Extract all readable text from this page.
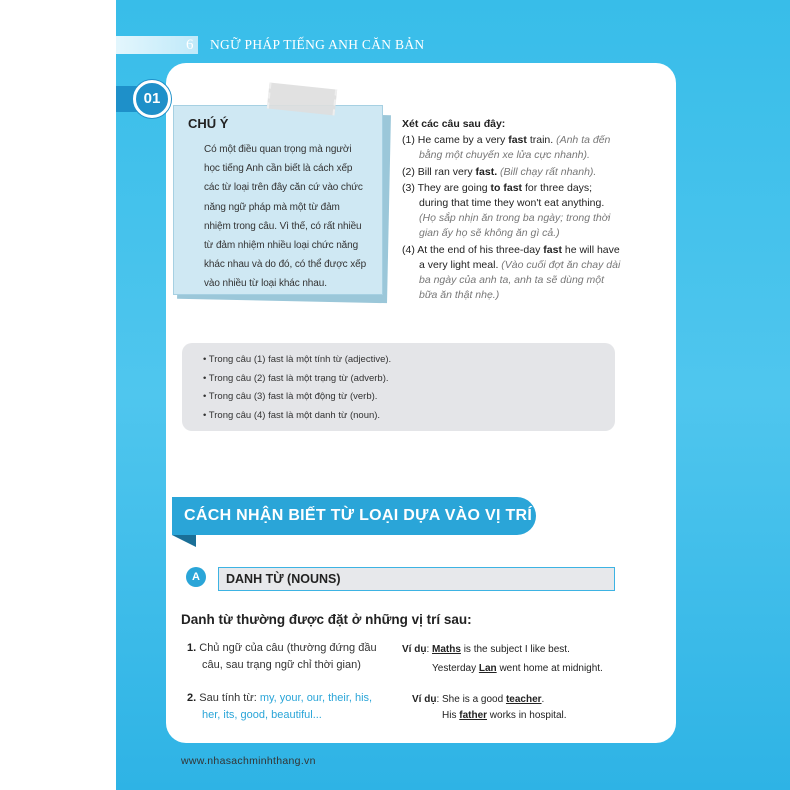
6 NGỮ PHÁP TIẾNG ANH CĂN BẢN
01
CHÚ Ý
Có một điều quan trọng mà người học tiếng Anh cần biết là cách xếp các từ loại trên đây căn cứ vào chức năng ngữ pháp mà một từ đảm nhiệm trong câu. Vì thế, có rất nhiều từ đảm nhiệm nhiều loại chức năng khác nhau và do đó, có thể được xếp vào nhiều từ loại khác nhau.
Xét các câu sau đây:
(1) He came by a very fast train. (Anh ta đến bằng một chuyến xe lửa cực nhanh).
(2) Bill ran very fast. (Bill chạy rất nhanh).
(3) They are going to fast for three days; during that time they won't eat anything. (Họ sắp nhịn ăn trong ba ngày; trong thời gian ấy họ sẽ không ăn gì cả.)
(4) At the end of his three-day fast he will have a very light meal. (Vào cuối đợt ăn chay dài ba ngày của anh ta, anh ta sẽ dùng một bữa ăn thật nhẹ.)
• Trong câu (1) fast là một tính từ (adjective).
• Trong câu (2) fast là một trạng từ (adverb).
• Trong câu (3) fast là một động từ (verb).
• Trong câu (4) fast là một danh từ (noun).
CÁCH NHẬN BIẾT TỪ LOẠI DỰA VÀO VỊ TRÍ
A	DANH TỪ (NOUNS)
Danh từ thường được đặt ở những vị trí sau:
1. Chủ ngữ của câu (thường đứng đầu
câu, sau trạng ngữ chỉ thời gian)
2. Sau tính từ: my, your, our, their, his,
her, its, good, beautiful...
Ví dụ: Maths is the subject I like best.
Yesterday Lan went home at midnight.
Ví dụ: She is a good teacher.
His father works in hospital.
www.nhasachminhthang.vn
